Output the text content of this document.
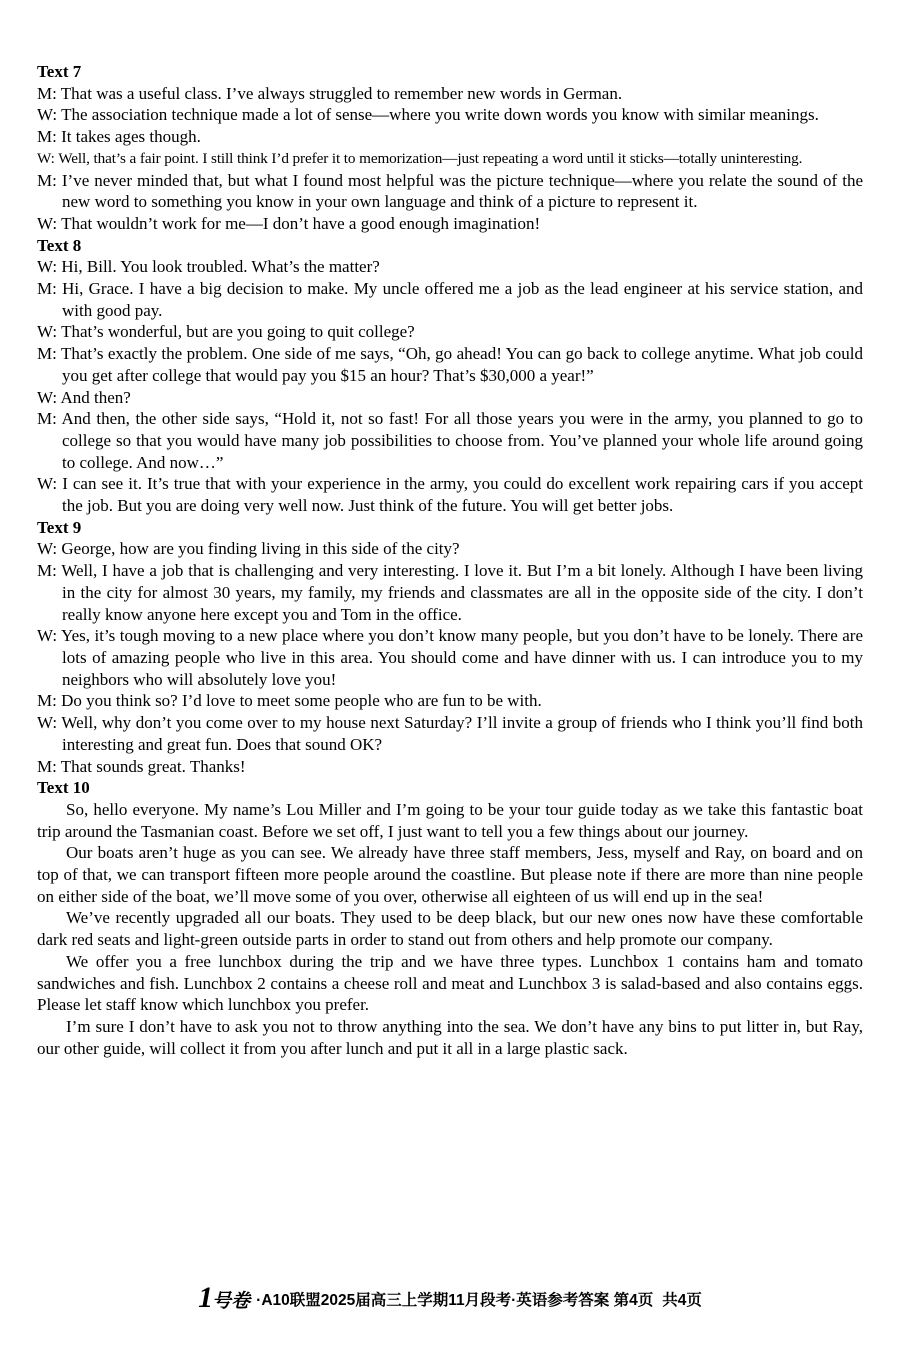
Text 7

M: That was a useful class. I’ve always struggled to remember new words in German.

W: The association technique made a lot of sense—where you write down words you know with similar meanings.

M: It takes ages though.

W: Well, that’s a fair point. I still think I’d prefer it to memorization—just repeating a word until it sticks—totally uninteresting.

M: I’ve never minded that, but what I found most helpful was the picture technique—where you relate the sound of the new word to something you know in your own language and think of a picture to represent it.

W: That wouldn’t work for me—I don’t have a good enough imagination!

Text 8

W: Hi, Bill. You look troubled. What’s the matter?

M: Hi, Grace. I have a big decision to make. My uncle offered me a job as the lead engineer at his service station, and with good pay.

W: That’s wonderful, but are you going to quit college?

M: That’s exactly the problem. One side of me says, “Oh, go ahead! You can go back to college anytime. What job could you get after college that would pay you $15 an hour? That’s $30,000 a year!”

W: And then?

M: And then, the other side says, “Hold it, not so fast! For all those years you were in the army, you planned to go to college so that you would have many job possibilities to choose from. You’ve planned your whole life around going to college. And now…”

W: I can see it. It’s true that with your experience in the army, you could do excellent work repairing cars if you accept the job. But you are doing very well now. Just think of the future. You will get better jobs.

Text 9

W: George, how are you finding living in this side of the city?

M: Well, I have a job that is challenging and very interesting. I love it. But I’m a bit lonely. Although I have been living in the city for almost 30 years, my family, my friends and classmates are all in the opposite side of the city. I don’t really know anyone here except you and Tom in the office.

W: Yes, it’s tough moving to a new place where you don’t know many people, but you don’t have to be lonely. There are lots of amazing people who live in this area. You should come and have dinner with us. I can introduce you to my neighbors who will absolutely love you!

M: Do you think so? I’d love to meet some people who are fun to be with.

W: Well, why don’t you come over to my house next Saturday? I’ll invite a group of friends who I think you’ll find both interesting and great fun. Does that sound OK?

M: That sounds great. Thanks!

Text 10

So, hello everyone. My name’s Lou Miller and I’m going to be your tour guide today as we take this fantastic boat trip around the Tasmanian coast. Before we set off, I just want to tell you a few things about our journey.

Our boats aren’t huge as you can see. We already have three staff members, Jess, myself and Ray, on board and on top of that, we can transport fifteen more people around the coastline. But please note if there are more than nine people on either side of the boat, we’ll move some of you over, otherwise all eighteen of us will end up in the sea!

We’ve recently upgraded all our boats. They used to be deep black, but our new ones now have these comfortable dark red seats and light-green outside parts in order to stand out from others and help promote our company.

We offer you a free lunchbox during the trip and we have three types. Lunchbox 1 contains ham and tomato sandwiches and fish. Lunchbox 2 contains a cheese roll and meat and Lunchbox 3 is salad-based and also contains eggs. Please let staff know which lunchbox you prefer.

I’m sure I don’t have to ask you not to throw anything into the sea. We don’t have any bins to put litter in, but Ray, our other guide, will collect it from you after lunch and put it all in a large plastic sack.

1号卷 ·A10联盟2025届高三上学期11月段考·英语参考答案 第4页 共4页
